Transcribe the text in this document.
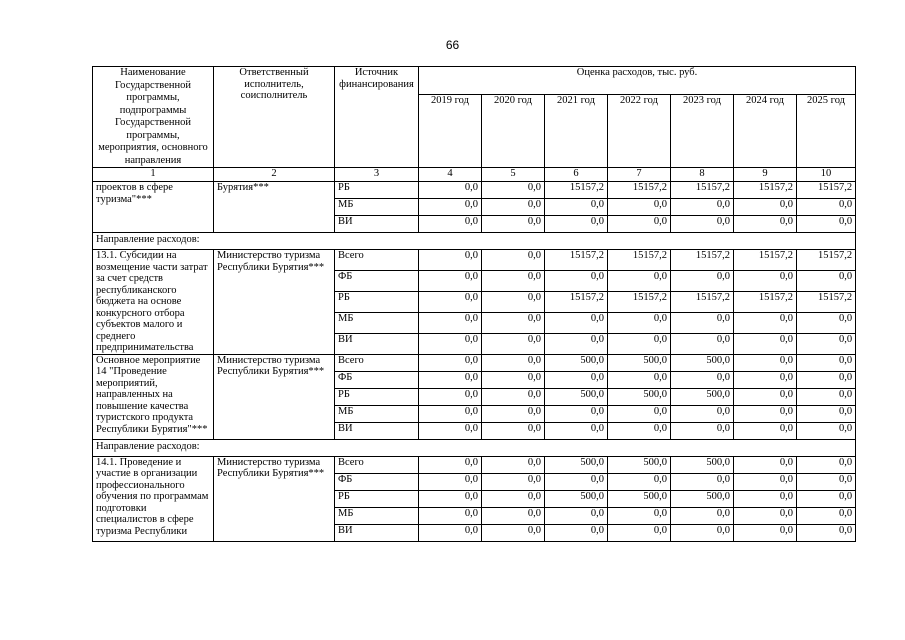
66
Наименование Государственной программы, подпрограммы Государственной программы, мероприятия, основного направления	Ответственный исполнитель, соисполнитель	Источник финансирования	Оценка расходов, тыс. руб.						
			2019 год	2020 год	2021 год	2022 год	2023 год	2024 год	2025 год
1	2	3	4	5	6	7	8	9	10
проектов в сфере туризма"***	Бурятия***	РБ	0,0	0,0	15157,2	15157,2	15157,2	15157,2	15157,2
		МБ	0,0	0,0	0,0	0,0	0,0	0,0	0,0
		ВИ	0,0	0,0	0,0	0,0	0,0	0,0	0,0
Направление расходов:									
13.1. Субсидии на возмещение части затрат за счет средств республиканского бюджета на основе конкурсного отбора субъектов малого и среднего предпринимательства	Министерство туризма Республики Бурятия***	Всего	0,0	0,0	15157,2	15157,2	15157,2	15157,2	15157,2
		ФБ	0,0	0,0	0,0	0,0	0,0	0,0	0,0
		РБ	0,0	0,0	15157,2	15157,2	15157,2	15157,2	15157,2
		МБ	0,0	0,0	0,0	0,0	0,0	0,0	0,0
		ВИ	0,0	0,0	0,0	0,0	0,0	0,0	0,0
Основное мероприятие 14 "Проведение мероприятий, направленных на повышение качества туристского продукта Республики Бурятия"***	Министерство туризма Республики Бурятия***	Всего	0,0	0,0	500,0	500,0	500,0	0,0	0,0
		ФБ	0,0	0,0	0,0	0,0	0,0	0,0	0,0
		РБ	0,0	0,0	500,0	500,0	500,0	0,0	0,0
		МБ	0,0	0,0	0,0	0,0	0,0	0,0	0,0
		ВИ	0,0	0,0	0,0	0,0	0,0	0,0	0,0
Направление расходов:									
14.1. Проведение и участие в организации профессионального обучения по программам подготовки специалистов в сфере туризма Республики	Министерство туризма Республики Бурятия***	Всего	0,0	0,0	500,0	500,0	500,0	0,0	0,0
		ФБ	0,0	0,0	0,0	0,0	0,0	0,0	0,0
		РБ	0,0	0,0	500,0	500,0	500,0	0,0	0,0
		МБ	0,0	0,0	0,0	0,0	0,0	0,0	0,0
		ВИ	0,0	0,0	0,0	0,0	0,0	0,0	0,0
